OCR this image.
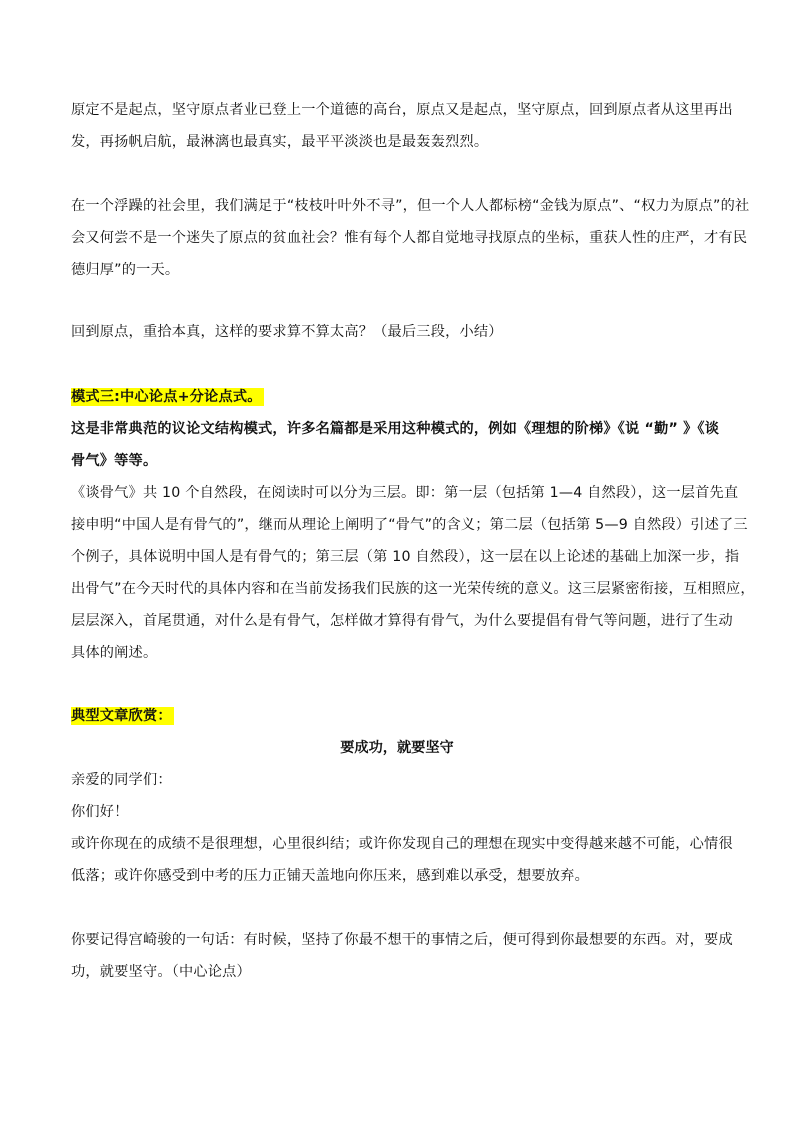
原定不是起点，坚守原点者业已登上一个道德的高台，原点又是起点，坚守原点，回到原点者从这里再出
发，再扬帆启航，最淋漓也最真实，最平平淡淡也是最轰轰烈烈。
在一个浮躁的社会里，我们满足于“枝枝叶叶外不寻”，但一个人人都标榜“金钱为原点”、“权力为原点”的社
会又何尝不是一个迷失了原点的贫血社会？惟有每个人都自觉地寻找原点的坐标，重获人性的庄严，才有民
德归厚”的一天。
回到原点，重拾本真，这样的要求算不算太高？（最后三段，小结）
模式三:中心论点+分论点式。
这是非常典范的议论文结构模式，许多名篇都是采用这种模式的，例如《理想的阶梯》《说 “勤” 》《谈
骨气》等等。
《谈骨气》共 10 个自然段，在阅读时可以分为三层。即：第一层（包括第 1—4 自然段），这一层首先直
接申明“中国人是有骨气的”，继而从理论上阐明了“骨气”的含义；第二层（包括第 5—9 自然段）引述了三
个例子，具体说明中国人是有骨气的；第三层（第 10 自然段），这一层在以上论述的基础上加深一步，指
出骨气”在今天时代的具体内容和在当前发扬我们民族的这一光荣传统的意义。这三层紧密衔接，互相照应，
层层深入，首尾贯通，对什么是有骨气，怎样做才算得有骨气，为什么要提倡有骨气等问题，进行了生动
具体的阐述。
典型文章欣赏：
要成功，就要坚守
亲爱的同学们：
你们好！
或许你现在的成绩不是很理想，心里很纠结；或许你发现自己的理想在现实中变得越来越不可能，心情很
低落；或许你感受到中考的压力正铺天盖地向你压来，感到难以承受，想要放弃。
你要记得宫崎骏的一句话：有时候，坚持了你最不想干的事情之后，便可得到你最想要的东西。对，要成
功，就要坚守。（中心论点）
